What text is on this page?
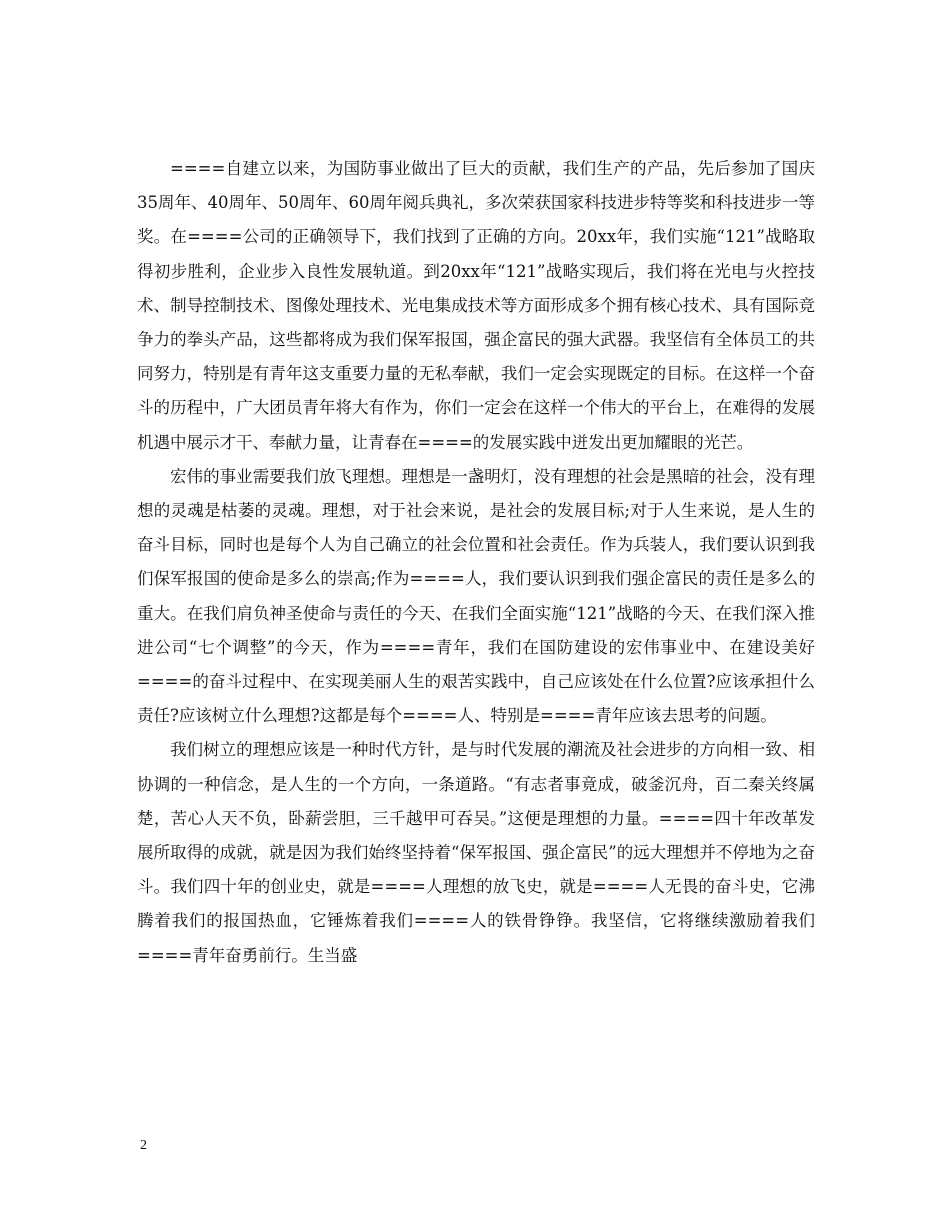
====自建立以来，为国防事业做出了巨大的贡献，我们生产的产品，先后参加了国庆35周年、40周年、50周年、60周年阅兵典礼，多次荣获国家科技进步特等奖和科技进步一等奖。在====公司的正确领导下，我们找到了正确的方向。20xx年，我们实施“121”战略取得初步胜利，企业步入良性发展轨道。到20xx年“121”战略实现后，我们将在光电与火控技术、制导控制技术、图像处理技术、光电集成技术等方面形成多个拥有核心技术、具有国际竞争力的拳头产品，这些都将成为我们保军报国，强企富民的强大武器。我坚信有全体员工的共同努力，特别是有青年这支重要力量的无私奉献，我们一定会实现既定的目标。在这样一个奋斗的历程中，广大团员青年将大有作为，你们一定会在这样一个伟大的平台上，在难得的发展机遇中展示才干、奉献力量，让青春在====的发展实践中迸发出更加耀眼的光芒。

宏伟的事业需要我们放飞理想。理想是一盏明灯，没有理想的社会是黑暗的社会，没有理想的灵魂是枯萎的灵魂。理想，对于社会来说，是社会的发展目标;对于人生来说，是人生的奋斗目标，同时也是每个人为自己确立的社会位置和社会责任。作为兵装人，我们要认识到我们保军报国的使命是多么的崇高;作为====人，我们要认识到我们强企富民的责任是多么的重大。在我们肩负神圣使命与责任的今天、在我们全面实施“121”战略的今天、在我们深入推进公司“七个调整”的今天，作为====青年，我们在国防建设的宏伟事业中、在建设美好====的奋斗过程中、在实现美丽人生的艰苦实践中，自己应该处在什么位置?应该承担什么责任?应该树立什么理想?这都是每个====人、特别是====青年应该去思考的问题。

我们树立的理想应该是一种时代方针，是与时代发展的潮流及社会进步的方向相一致、相协调的一种信念，是人生的一个方向，一条道路。“有志者事竟成，破釜沉舟，百二秦关终属楚，苦心人天不负，卧薪尝胆，三千越甲可吞吴。”这便是理想的力量。====四十年改革发展所取得的成就，就是因为我们始终坚持着“保军报国、强企富民”的远大理想并不停地为之奋斗。我们四十年的创业史，就是====人理想的放飞史，就是====人无畏的奋斗史，它沸腾着我们的报国热血，它锤炼着我们====人的铁骨铮铮。我坚信，它将继续激励着我们====青年奋勇前行。生当盛

2
